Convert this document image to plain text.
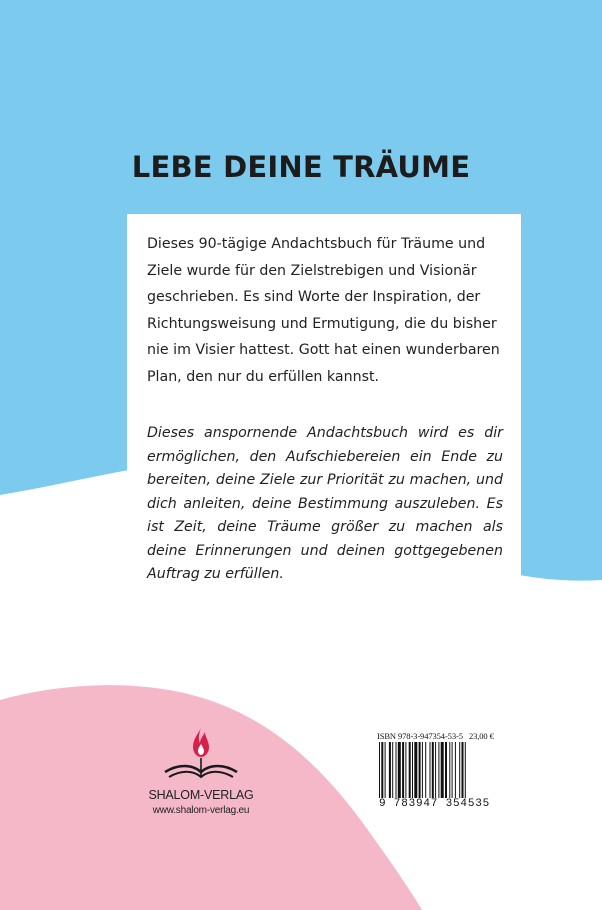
LEBE DEINE TRÄUME

Dieses 90-tägige Andachtsbuch für Träume und Ziele wurde für den Zielstrebigen und Visionär geschrieben. Es sind Worte der Inspiration, der Richtungsweisung und Ermutigung, die du bisher nie im Visier hattest. Gott hat einen wunderbaren Plan, den nur du erfüllen kannst.

Dieses anspornende Andachtsbuch wird es dir ermöglichen, den Aufschiebereien ein Ende zu bereiten, deine Ziele zur Priorität zu machen, und dich anleiten, deine Bestimmung auszuleben. Es ist Zeit, deine Träume größer zu machen als deine Erinnerungen und deinen gottgegebenen Auftrag zu erfüllen.

SHALOM-VERLAG
www.shalom-verlag.eu
ISBN 978-3-947354-53-5 23,00 €
9 783947 354535
